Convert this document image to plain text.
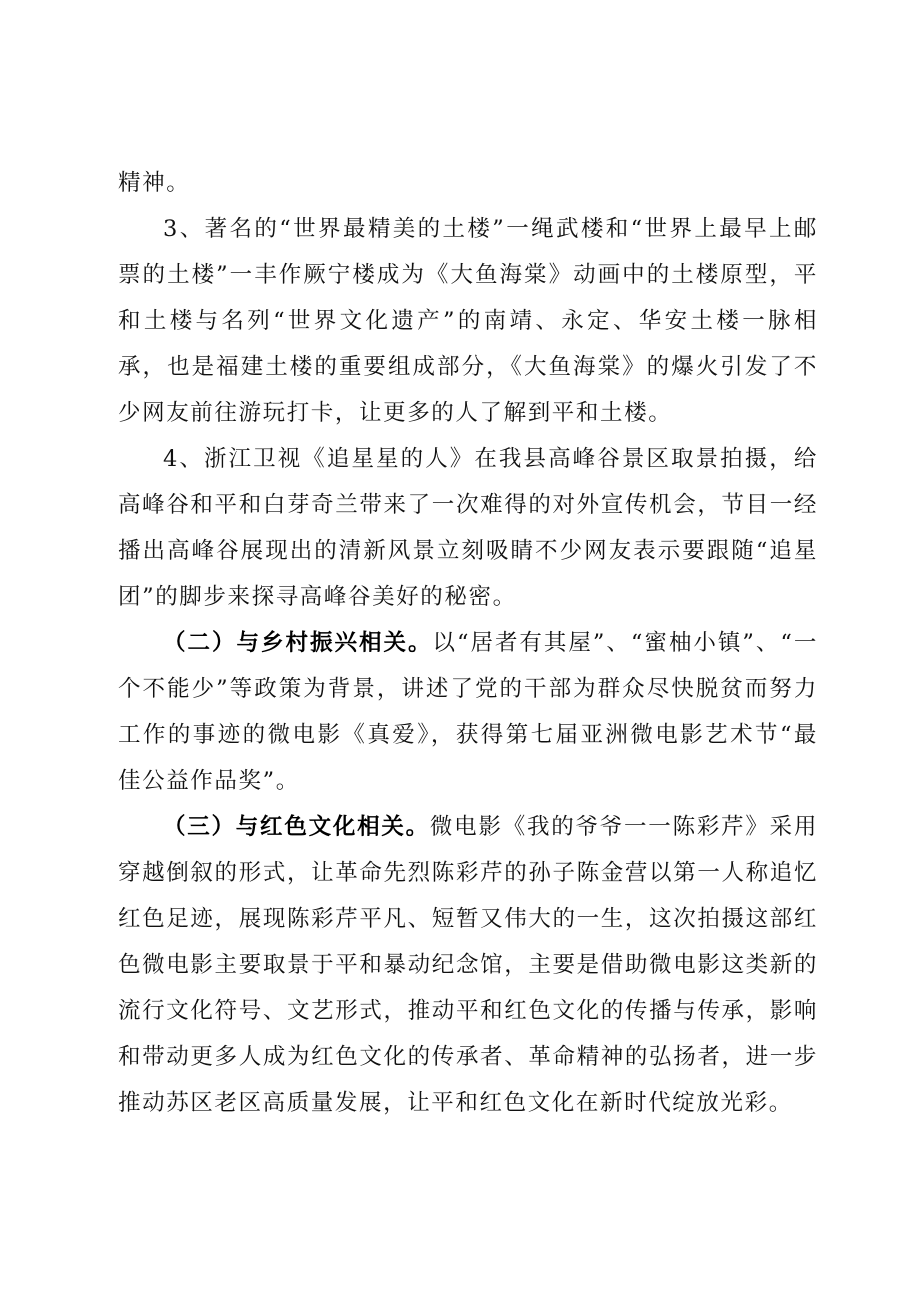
精神。

3、著名的“世界最精美的土楼”一绳武楼和“世界上最早上邮票的土楼”一丰作厥宁楼成为《大鱼海棠》动画中的土楼原型，平和土楼与名列“世界文化遗产”的南靖、永定、华安土楼一脉相承，也是福建土楼的重要组成部分，《大鱼海棠》的爆火引发了不少网友前往游玩打卡，让更多的人了解到平和土楼。

4、浙江卫视《追星星的人》在我县高峰谷景区取景拍摄，给高峰谷和平和白芽奇兰带来了一次难得的对外宣传机会，节目一经播出高峰谷展现出的清新风景立刻吸睛不少网友表示要跟随“追星团”的脚步来探寻高峰谷美好的秘密。

（二）与乡村振兴相关。以“居者有其屋”、“蜜柚小镇”、“一个不能少”等政策为背景，讲述了党的干部为群众尽快脱贫而努力工作的事迹的微电影《真爱》，获得第七届亚洲微电影艺术节“最佳公益作品奖”。

（三）与红色文化相关。微电影《我的爷爷一一陈彩芹》采用穿越倒叙的形式，让革命先烈陈彩芹的孙子陈金营以第一人称追忆红色足迹，展现陈彩芹平凡、短暂又伟大的一生，这次拍摄这部红色微电影主要取景于平和暴动纪念馆，主要是借助微电影这类新的流行文化符号、文艺形式，推动平和红色文化的传播与传承，影响和带动更多人成为红色文化的传承者、革命精神的弘扬者，进一步推动苏区老区高质量发展，让平和红色文化在新时代绽放光彩。
